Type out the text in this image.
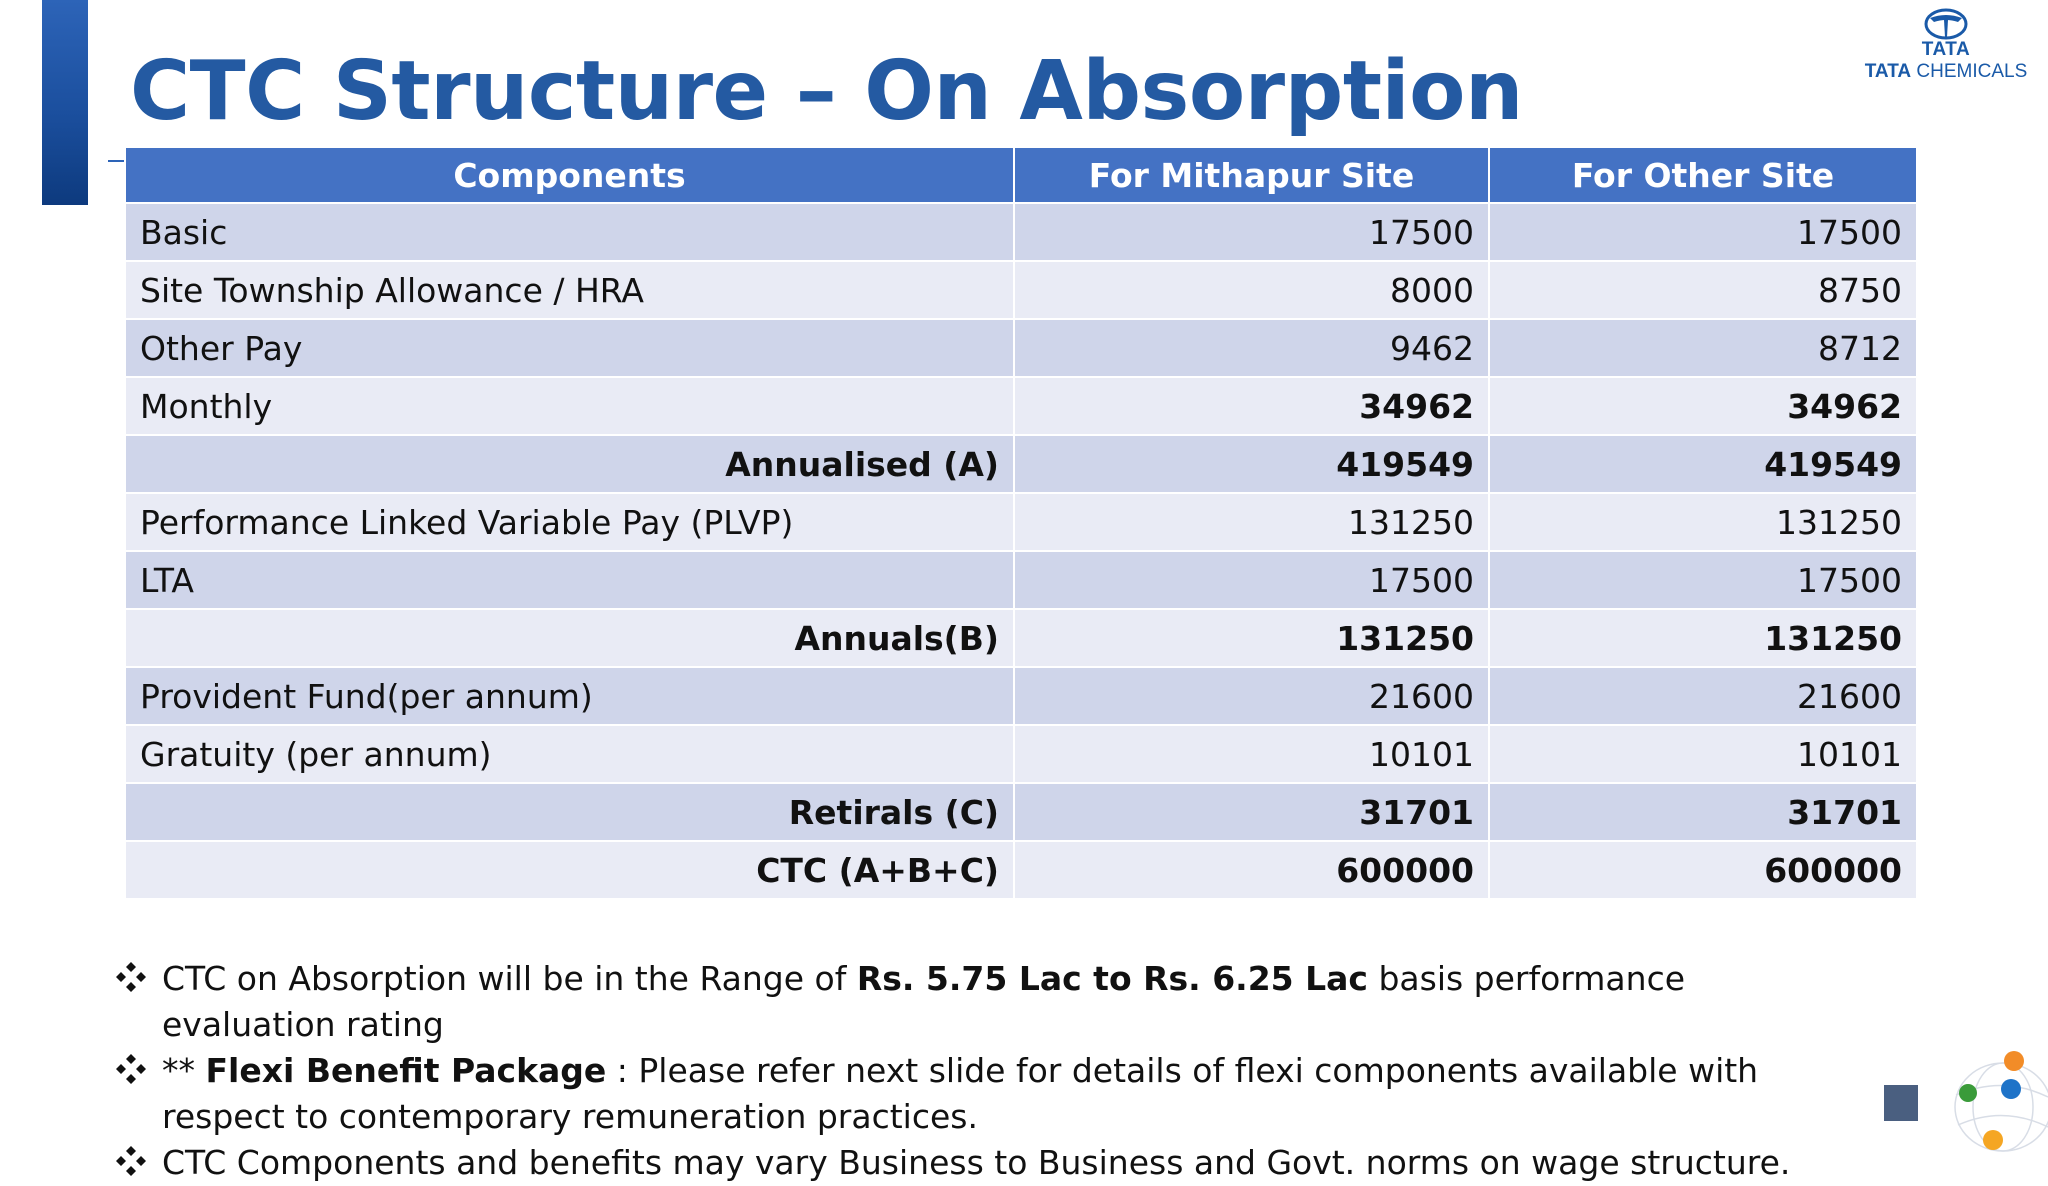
CTC Structure – On Absorption	TATA
TATA CHEMICALS
Components	For Mithapur Site	For Other Site
Basic	17500	17500
Site Township Allowance / HRA	8000	8750
Other Pay	9462	8712
Monthly	34962	34962
Annualised (A)	419549	419549
Performance Linked Variable Pay (PLVP)	131250	131250
LTA	17500	17500
Annuals(B)	131250	131250
Provident Fund(per annum)	21600	21600
Gratuity (per annum)	10101	10101
Retirals (C)	31701	31701
CTC (A+B+C)	600000	600000
CTC on Absorption will be in the Range of Rs. 5.75 Lac to Rs. 6.25 Lac basis performance evaluation rating
** Flexi Benefit Package : Please refer next slide for details of flexi components available with respect to contemporary remuneration practices.
CTC Components and benefits may vary Business to Business and Govt. norms on wage structure.
